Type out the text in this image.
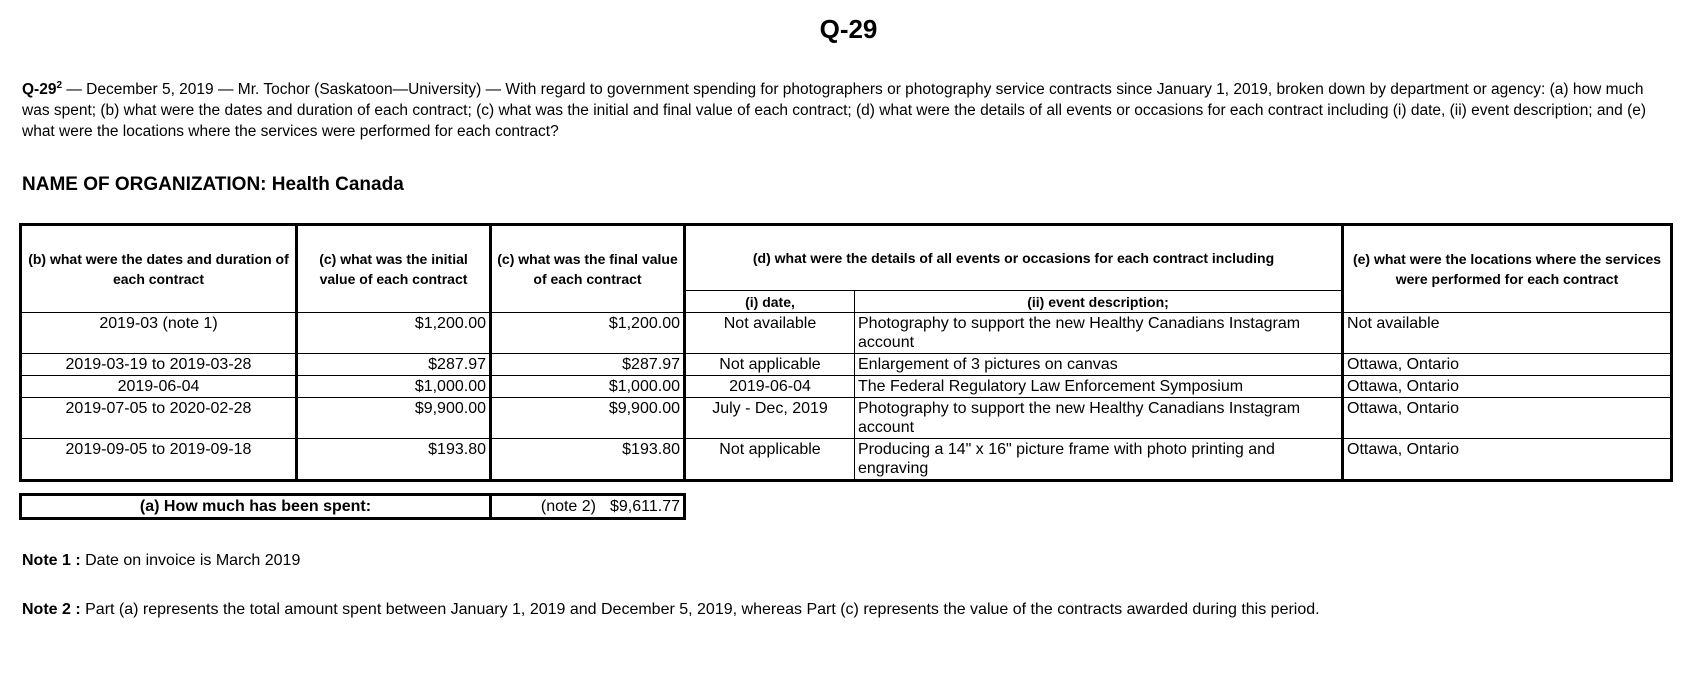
Q-29
$Q-29^2$ — December 5, 2019 — Mr. Tochor (Saskatoon—University) — With regard to government spending for photographers or photography service contracts since January 1, 2019, broken down by department or agency: (a) how much was spent; (b) what were the dates and duration of each contract; (c) what was the initial and final value of each contract; (d) what were the details of all events or occasions for each contract including (i) date, (ii) event description; and (e) what were the locations where the services were performed for each contract?
NAME OF ORGANIZATION: Health Canada
(b) what were the dates and duration of each contract	(c) what was the initial value of each contract	(c) what was the final value of each contract	(d) what were the details of all events or occasions for each contract including		(e) what were the locations where the services were performed for each contract
			(i) date,	(ii) event description;	
2019-03 (note 1)	$1,200.00	$1,200.00	Not available	Photography to support the new Healthy Canadians Instagram account	Not available
2019-03-19 to 2019-03-28	$287.97	$287.97	Not applicable	Enlargement of 3 pictures on canvas	Ottawa, Ontario
2019-06-04	$1,000.00	$1,000.00	2019-06-04	The Federal Regulatory Law Enforcement Symposium	Ottawa, Ontario
2019-07-05 to 2020-02-28	$9,900.00	$9,900.00	July - Dec, 2019	Photography to support the new Healthy Canadians Instagram account	Ottawa, Ontario
2019-09-05 to 2019-09-18	$193.80	$193.80	Not applicable	Producing a 14" x 16" picture frame with photo printing and engraving	Ottawa, Ontario
(a) How much has been spent:	(note 2) $9,611.77
Note 1 : Date on invoice is March 2019
Note 2 : Part (a) represents the total amount spent between January 1, 2019 and December 5, 2019, whereas Part (c) represents the value of the contracts awarded during this period.
